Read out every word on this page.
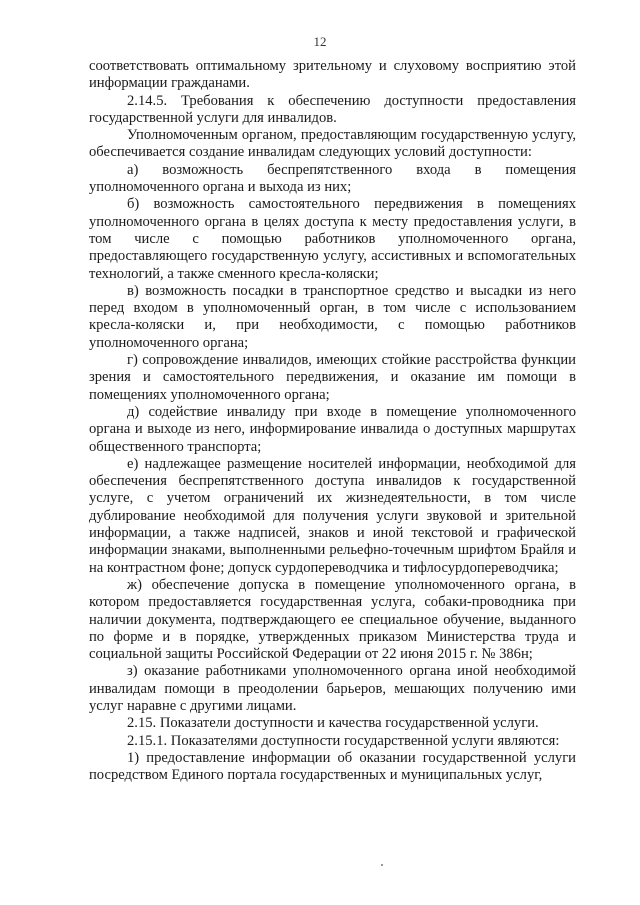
12

соответствовать оптимальному зрительному и слуховому восприятию этой информации гражданами.

2.14.5. Требования к обеспечению доступности предоставления государственной услуги для инвалидов.

Уполномоченным органом, предоставляющим государственную услугу, обеспечивается создание инвалидам следующих условий доступности:

а) возможность беспрепятственного входа в помещения уполномоченного органа и выхода из них;

б) возможность самостоятельного передвижения в помещениях уполномоченного органа в целях доступа к месту предоставления услуги, в том числе с помощью работников уполномоченного органа, предоставляющего государственную услугу, ассистивных и вспомогательных технологий, а также сменного кресла-коляски;

в) возможность посадки в транспортное средство и высадки из него перед входом в уполномоченный орган, в том числе с использованием кресла-коляски и, при необходимости, с помощью работников уполномоченного органа;

г) сопровождение инвалидов, имеющих стойкие расстройства функции зрения и самостоятельного передвижения, и оказание им помощи в помещениях уполномоченного органа;

д) содействие инвалиду при входе в помещение уполномоченного органа и выходе из него, информирование инвалида о доступных маршрутах общественного транспорта;

е) надлежащее размещение носителей информации, необходимой для обеспечения беспрепятственного доступа инвалидов к государственной услуге, с учетом ограничений их жизнедеятельности, в том числе дублирование необходимой для получения услуги звуковой и зрительной информации, а также надписей, знаков и иной текстовой и графической информации знаками, выполненными рельефно-точечным шрифтом Брайля и на контрастном фоне; допуск сурдопереводчика и тифлосурдопереводчика;

ж) обеспечение допуска в помещение уполномоченного органа, в котором предоставляется государственная услуга, собаки-проводника при наличии документа, подтверждающего ее специальное обучение, выданного по форме и в порядке, утвержденных приказом Министерства труда и социальной защиты Российской Федерации от 22 июня 2015 г. № 386н;

з) оказание работниками уполномоченного органа иной необходимой инвалидам помощи в преодолении барьеров, мешающих получению ими услуг наравне с другими лицами.

2.15. Показатели доступности и качества государственной услуги.

2.15.1. Показателями доступности государственной услуги являются:

1) предоставление информации об оказании государственной услуги посредством Единого портала государственных и муниципальных услуг,
